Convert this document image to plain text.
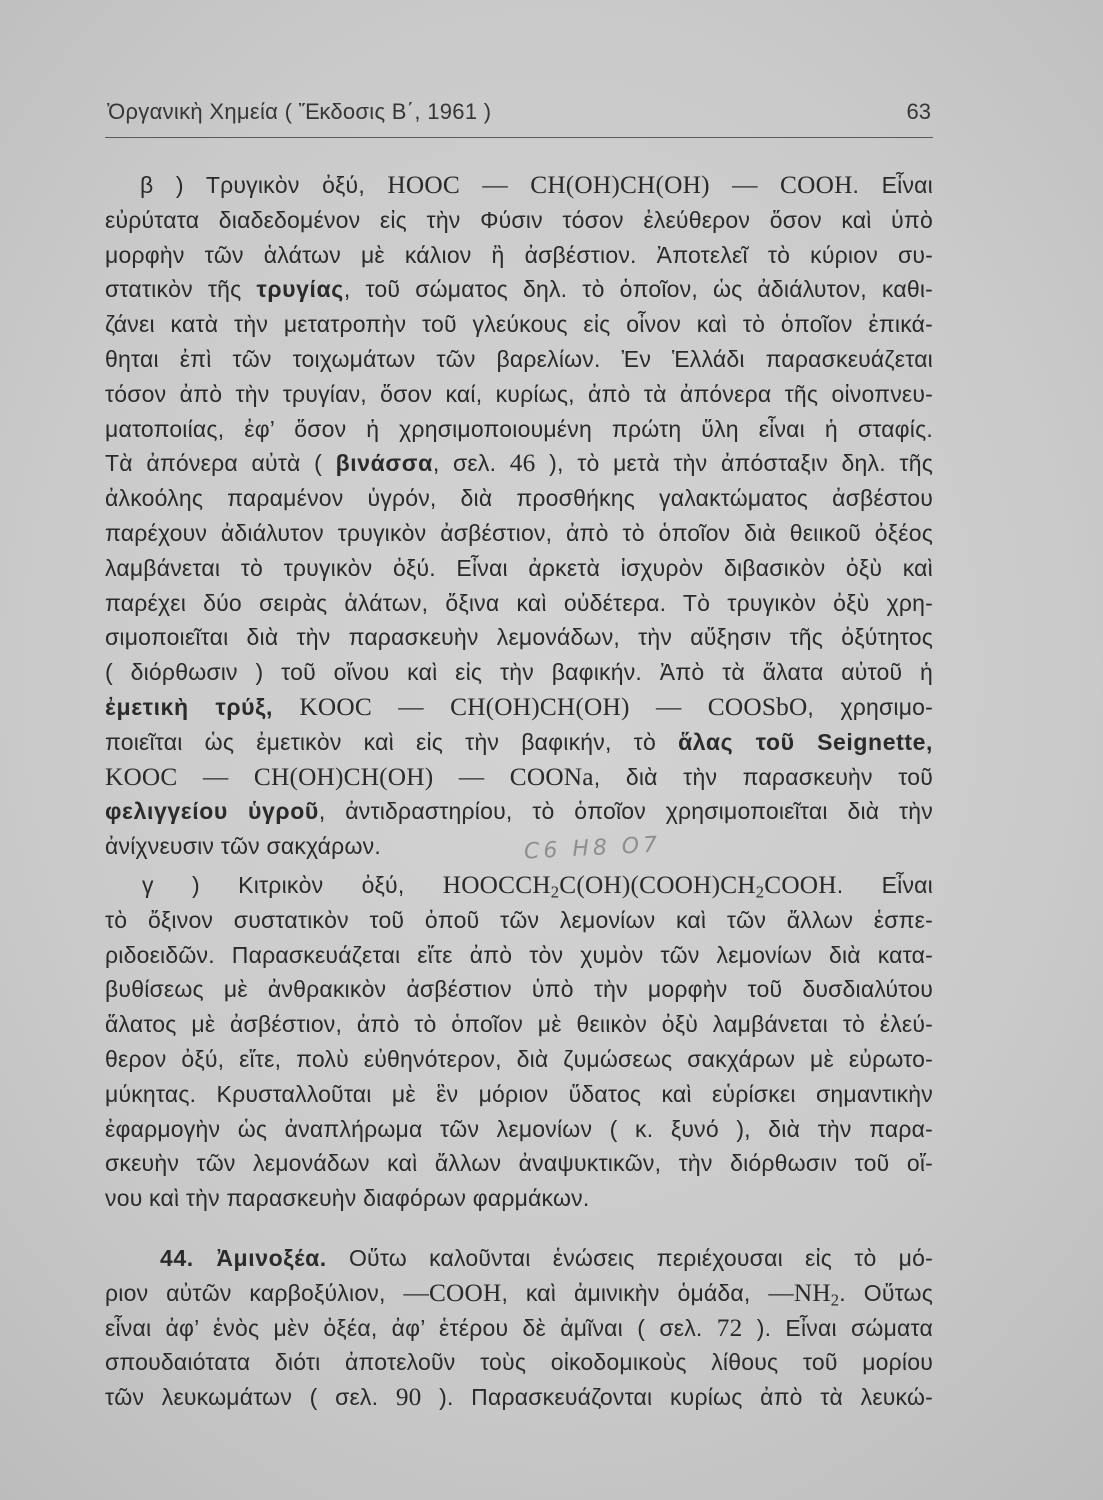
Ὀργανικὴ Χημεία ( Ἔκδοσις Β΄, 1961 )	63
β ) Τρυγικὸν ὀξύ, HOOC — CH(OH)CH(OH) — COOH. Εἶναι
εὐρύτατα διαδεδομένον εἰς τὴν Φύσιν τόσον ἐλεύθερον ὅσον καὶ ὑπὸ
μορφὴν τῶν ἁλάτων μὲ κάλιον ἢ ἀσβέστιον. Ἀποτελεῖ τὸ κύριον συ-
στατικὸν τῆς τρυγίας, τοῦ σώματος δηλ. τὸ ὁποῖον, ὡς ἀδιάλυτον, καθι-
ζάνει κατὰ τὴν μετατροπὴν τοῦ γλεύκους εἰς οἶνον καὶ τὸ ὁποῖον ἐπικά-
θηται ἐπὶ τῶν τοιχωμάτων τῶν βαρελίων. Ἐν Ἑλλάδι παρασκευάζεται
τόσον ἀπὸ τὴν τρυγίαν, ὅσον καί, κυρίως, ἀπὸ τὰ ἀπόνερα τῆς οἰνοπνευ-
ματοποιίας, ἐφ’ ὅσον ἡ χρησιμοποιουμένη πρώτη ὕλη εἶναι ἡ σταφίς.
Τὰ ἀπόνερα αὐτὰ ( βινάσσα, σελ. 46 ), τὸ μετὰ τὴν ἀπόσταξιν δηλ. τῆς
ἀλκοόλης παραμένον ὑγρόν, διὰ προσθήκης γαλακτώματος ἀσβέστου
παρέχουν ἀδιάλυτον τρυγικὸν ἀσβέστιον, ἀπὸ τὸ ὁποῖον διὰ θειικοῦ ὀξέος
λαμβάνεται τὸ τρυγικὸν ὀξύ. Εἶναι ἀρκετὰ ἰσχυρὸν διβασικὸν ὀξὺ καὶ
παρέχει δύο σειρὰς ἁλάτων, ὄξινα καὶ οὐδέτερα. Τὸ τρυγικὸν ὀξὺ χρη-
σιμοποιεῖται διὰ τὴν παρασκευὴν λεμονάδων, τὴν αὔξησιν τῆς ὀξύτητος
( διόρθωσιν ) τοῦ οἴνου καὶ εἰς τὴν βαφικήν. Ἀπὸ τὰ ἅλατα αὐτοῦ ἡ
ἐμετικὴ τρύξ, KOOC — CH(OH)CH(OH) — COOSbO, χρησιμο-
ποιεῖται ὡς ἐμετικὸν καὶ εἰς τὴν βαφικήν, τὸ ἅλας τοῦ Seignette,
KOOC — CH(OH)CH(OH) — COONa, διὰ τὴν παρασκευὴν τοῦ
φελιγγείου ὑγροῦ, ἀντιδραστηρίου, τὸ ὁποῖον χρησιμοποιεῖται διὰ τὴν
ἀνίχνευσιν τῶν σακχάρων.
γ ) Κιτρικὸν ὀξύ, $HOOCCH_2C(OH)(COOH)CH_2COOH$. Εἶναι
τὸ ὄξινον συστατικὸν τοῦ ὀποῦ τῶν λεμονίων καὶ τῶν ἄλλων ἑσπε-
ριδοειδῶν. Παρασκευάζεται εἴτε ἀπὸ τὸν χυμὸν τῶν λεμονίων διὰ κατα-
βυθίσεως μὲ ἀνθρακικὸν ἀσβέστιον ὑπὸ τὴν μορφὴν τοῦ δυσδιαλύτου
ἅλατος μὲ ἀσβέστιον, ἀπὸ τὸ ὁποῖον μὲ θειικὸν ὀξὺ λαμβάνεται τὸ ἐλεύ-
θερον ὀξύ, εἴτε, πολὺ εὐθηνότερον, διὰ ζυμώσεως σακχάρων μὲ εὐρωτο-
μύκητας. Κρυσταλλοῦται μὲ ἓν μόριον ὕδατος καὶ εὑρίσκει σημαντικὴν
ἐφαρμογὴν ὡς ἀναπλήρωμα τῶν λεμονίων ( κ. ξυνό ), διὰ τὴν παρα-
σκευὴν τῶν λεμονάδων καὶ ἄλλων ἀναψυκτικῶν, τὴν διόρθωσιν τοῦ οἴ-
νου καὶ τὴν παρασκευὴν διαφόρων φαρμάκων.
44. Ἀμινοξέα. Οὕτω καλοῦνται ἑνώσεις περιέχουσαι εἰς τὸ μό-
ριον αὐτῶν καρβοξύλιον, —COOH, καὶ ἀμινικὴν ὁμάδα, $—NH_2$. Οὕτως
εἶναι ἀφ’ ἑνὸς μὲν ὀξέα, ἀφ’ ἑτέρου δὲ ἀμῖναι ( σελ. 72 ). Εἶναι σώματα
σπουδαιότατα διότι ἀποτελοῦν τοὺς οἰκοδομικοὺς λίθους τοῦ μορίου
τῶν λευκωμάτων ( σελ. 90 ). Παρασκευάζονται κυρίως ἀπὸ τὰ λευκώ-
C6 H8 O7
